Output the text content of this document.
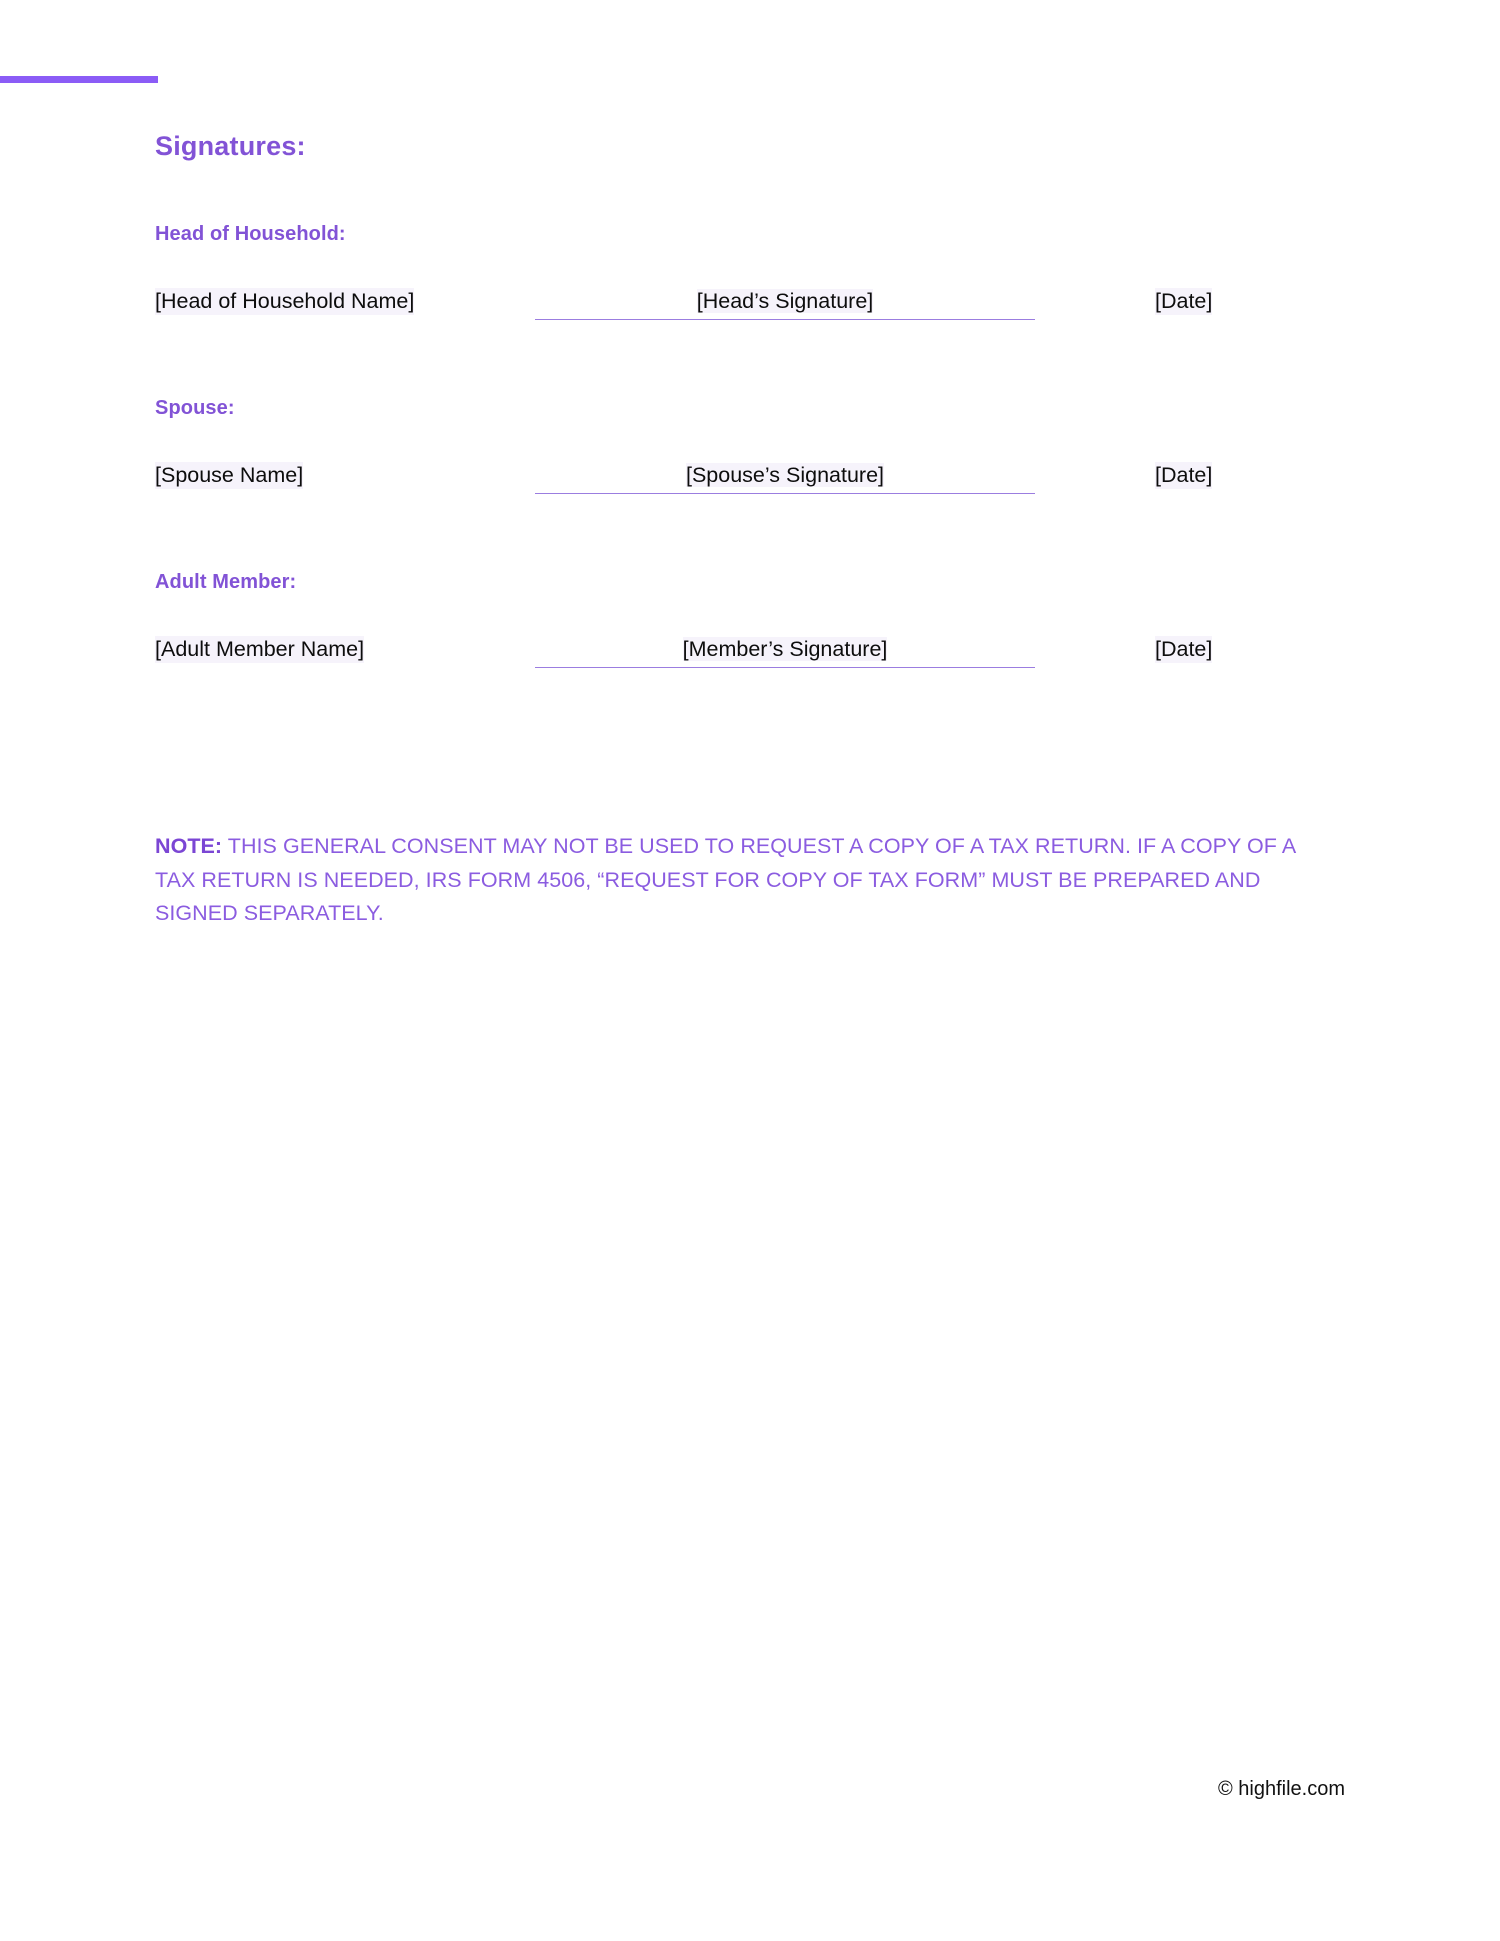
Signatures:
Head of Household:
[Head of Household Name]	[Head’s Signature]	[Date]
Spouse:
[Spouse Name]	[Spouse’s Signature]	[Date]
Adult Member:
[Adult Member Name]	[Member’s Signature]	[Date]

NOTE: THIS GENERAL CONSENT MAY NOT BE USED TO REQUEST A COPY OF A TAX RETURN. IF A COPY OF A TAX RETURN IS NEEDED, IRS FORM 4506, “REQUEST FOR COPY OF TAX FORM” MUST BE PREPARED AND SIGNED SEPARATELY.

© highfile.com
